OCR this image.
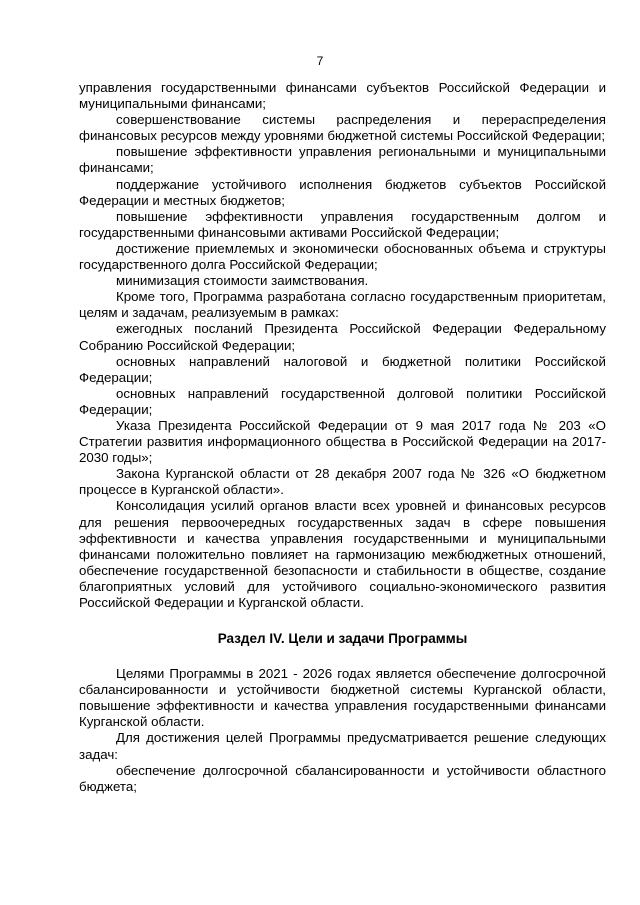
7

управления государственными финансами субъектов Российской Федерации и муниципальными финансами;

совершенствование системы распределения и перераспределения финансовых ресурсов между уровнями бюджетной системы Российской Федерации;

повышение эффективности управления региональными и муниципальными финансами;

поддержание устойчивого исполнения бюджетов субъектов Российской Федерации и местных бюджетов;

повышение эффективности управления государственным долгом и государственными финансовыми активами Российской Федерации;

достижение приемлемых и экономически обоснованных объема и структуры государственного долга Российской Федерации;

минимизация стоимости заимствования.

Кроме того, Программа разработана согласно государственным приоритетам, целям и задачам, реализуемым в рамках:

ежегодных посланий Президента Российской Федерации Федеральному Собранию Российской Федерации;

основных направлений налоговой и бюджетной политики Российской Федерации;

основных направлений государственной долговой политики Российской Федерации;

Указа Президента Российской Федерации от 9 мая 2017 года № 203 «О Стратегии развития информационного общества в Российской Федерации на 2017-2030 годы»;

Закона Курганской области от 28 декабря 2007 года № 326 «О бюджетном процессе в Курганской области».

Консолидация усилий органов власти всех уровней и финансовых ресурсов для решения первоочередных государственных задач в сфере повышения эффективности и качества управления государственными и муниципальными финансами положительно повлияет на гармонизацию межбюджетных отношений, обеспечение государственной безопасности и стабильности в обществе, создание благоприятных условий для устойчивого социально-экономического развития Российской Федерации и Курганской области.

Раздел IV. Цели и задачи Программы

Целями Программы в 2021 - 2026 годах является обеспечение долгосрочной сбалансированности и устойчивости бюджетной системы Курганской области, повышение эффективности и качества управления государственными финансами Курганской области.

Для достижения целей Программы предусматривается решение следующих задач:

обеспечение долгосрочной сбалансированности и устойчивости областного бюджета;
